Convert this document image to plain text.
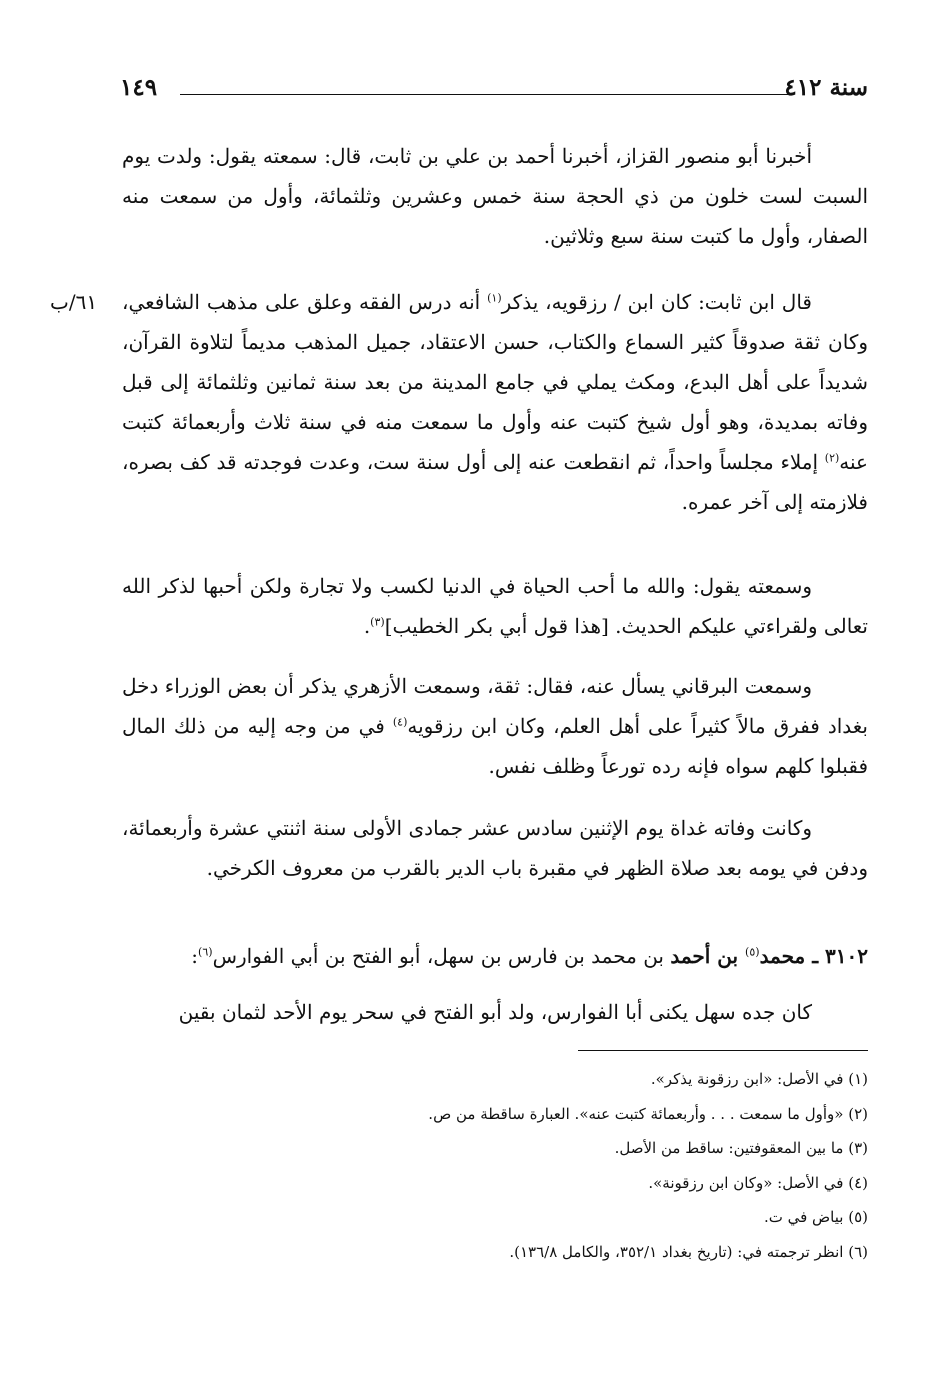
سنة ٤١٢
١٤٩
٦١/ب

أخبرنا أبو منصور القزاز، أخبرنا أحمد بن علي بن ثابت، قال: سمعته يقول: ولدت يوم السبت لست خلون من ذي الحجة سنة خمس وعشرين وثلثمائة، وأول من سمعت منه الصفار، وأول ما كتبت سنة سبع وثلاثين.

قال ابن ثابت: كان ابن / رزقويه، يذكر$^{(١)}$ أنه درس الفقه وعلق على مذهب الشافعي، وكان ثقة صدوقاً كثير السماع والكتاب، حسن الاعتقاد، جميل المذهب مديماً لتلاوة القرآن، شديداً على أهل البدع، ومكث يملي في جامع المدينة من بعد سنة ثمانين وثلثمائة إلى قبل وفاته بمديدة، وهو أول شيخ كتبت عنه وأول ما سمعت منه في سنة ثلاث وأربعمائة كتبت عنه$^{(٢)}$ إملاء مجلساً واحداً، ثم انقطعت عنه إلى أول سنة ست، وعدت فوجدته قد كف بصره، فلازمته إلى آخر عمره.

وسمعته يقول: والله ما أحب الحياة في الدنيا لكسب ولا تجارة ولكن أحبها لذكر الله تعالى ولقراءتي عليكم الحديث. [هذا قول أبي بكر الخطيب]$^{(٣)}$.

وسمعت البرقاني يسأل عنه، فقال: ثقة، وسمعت الأزهري يذكر أن بعض الوزراء دخل بغداد ففرق مالاً كثيراً على أهل العلم، وكان ابن رزقويه$^{(٤)}$ في من وجه إليه من ذلك المال فقبلوا كلهم سواه فإنه رده تورعاً وظلف نفس.

وكانت وفاته غداة يوم الإثنين سادس عشر جمادى الأولى سنة اثنتي عشرة وأربعمائة، ودفن في يومه بعد صلاة الظهر في مقبرة باب الدير بالقرب من معروف الكرخي.

٣١٠٢ ـ محمد$^{(٥)}$ بن أحمد بن محمد بن فارس بن سهل، أبو الفتح بن أبي الفوارس$^{(٦)}$:

كان جده سهل يكنى أبا الفوارس، ولد أبو الفتح في سحر يوم الأحد لثمان بقين

(١) في الأصل: «ابن رزقونة يذكر».

(٢) «وأول ما سمعت . . . وأربعمائة كتبت عنه». العبارة ساقطة من ص.

(٣) ما بين المعقوفتين: ساقط من الأصل.

(٤) في الأصل: «وكان ابن رزقونة».

(٥) بياض في ت.

(٦) انظر ترجمته في: (تاريخ بغداد ٣٥٢/١، والكامل ١٣٦/٨).
